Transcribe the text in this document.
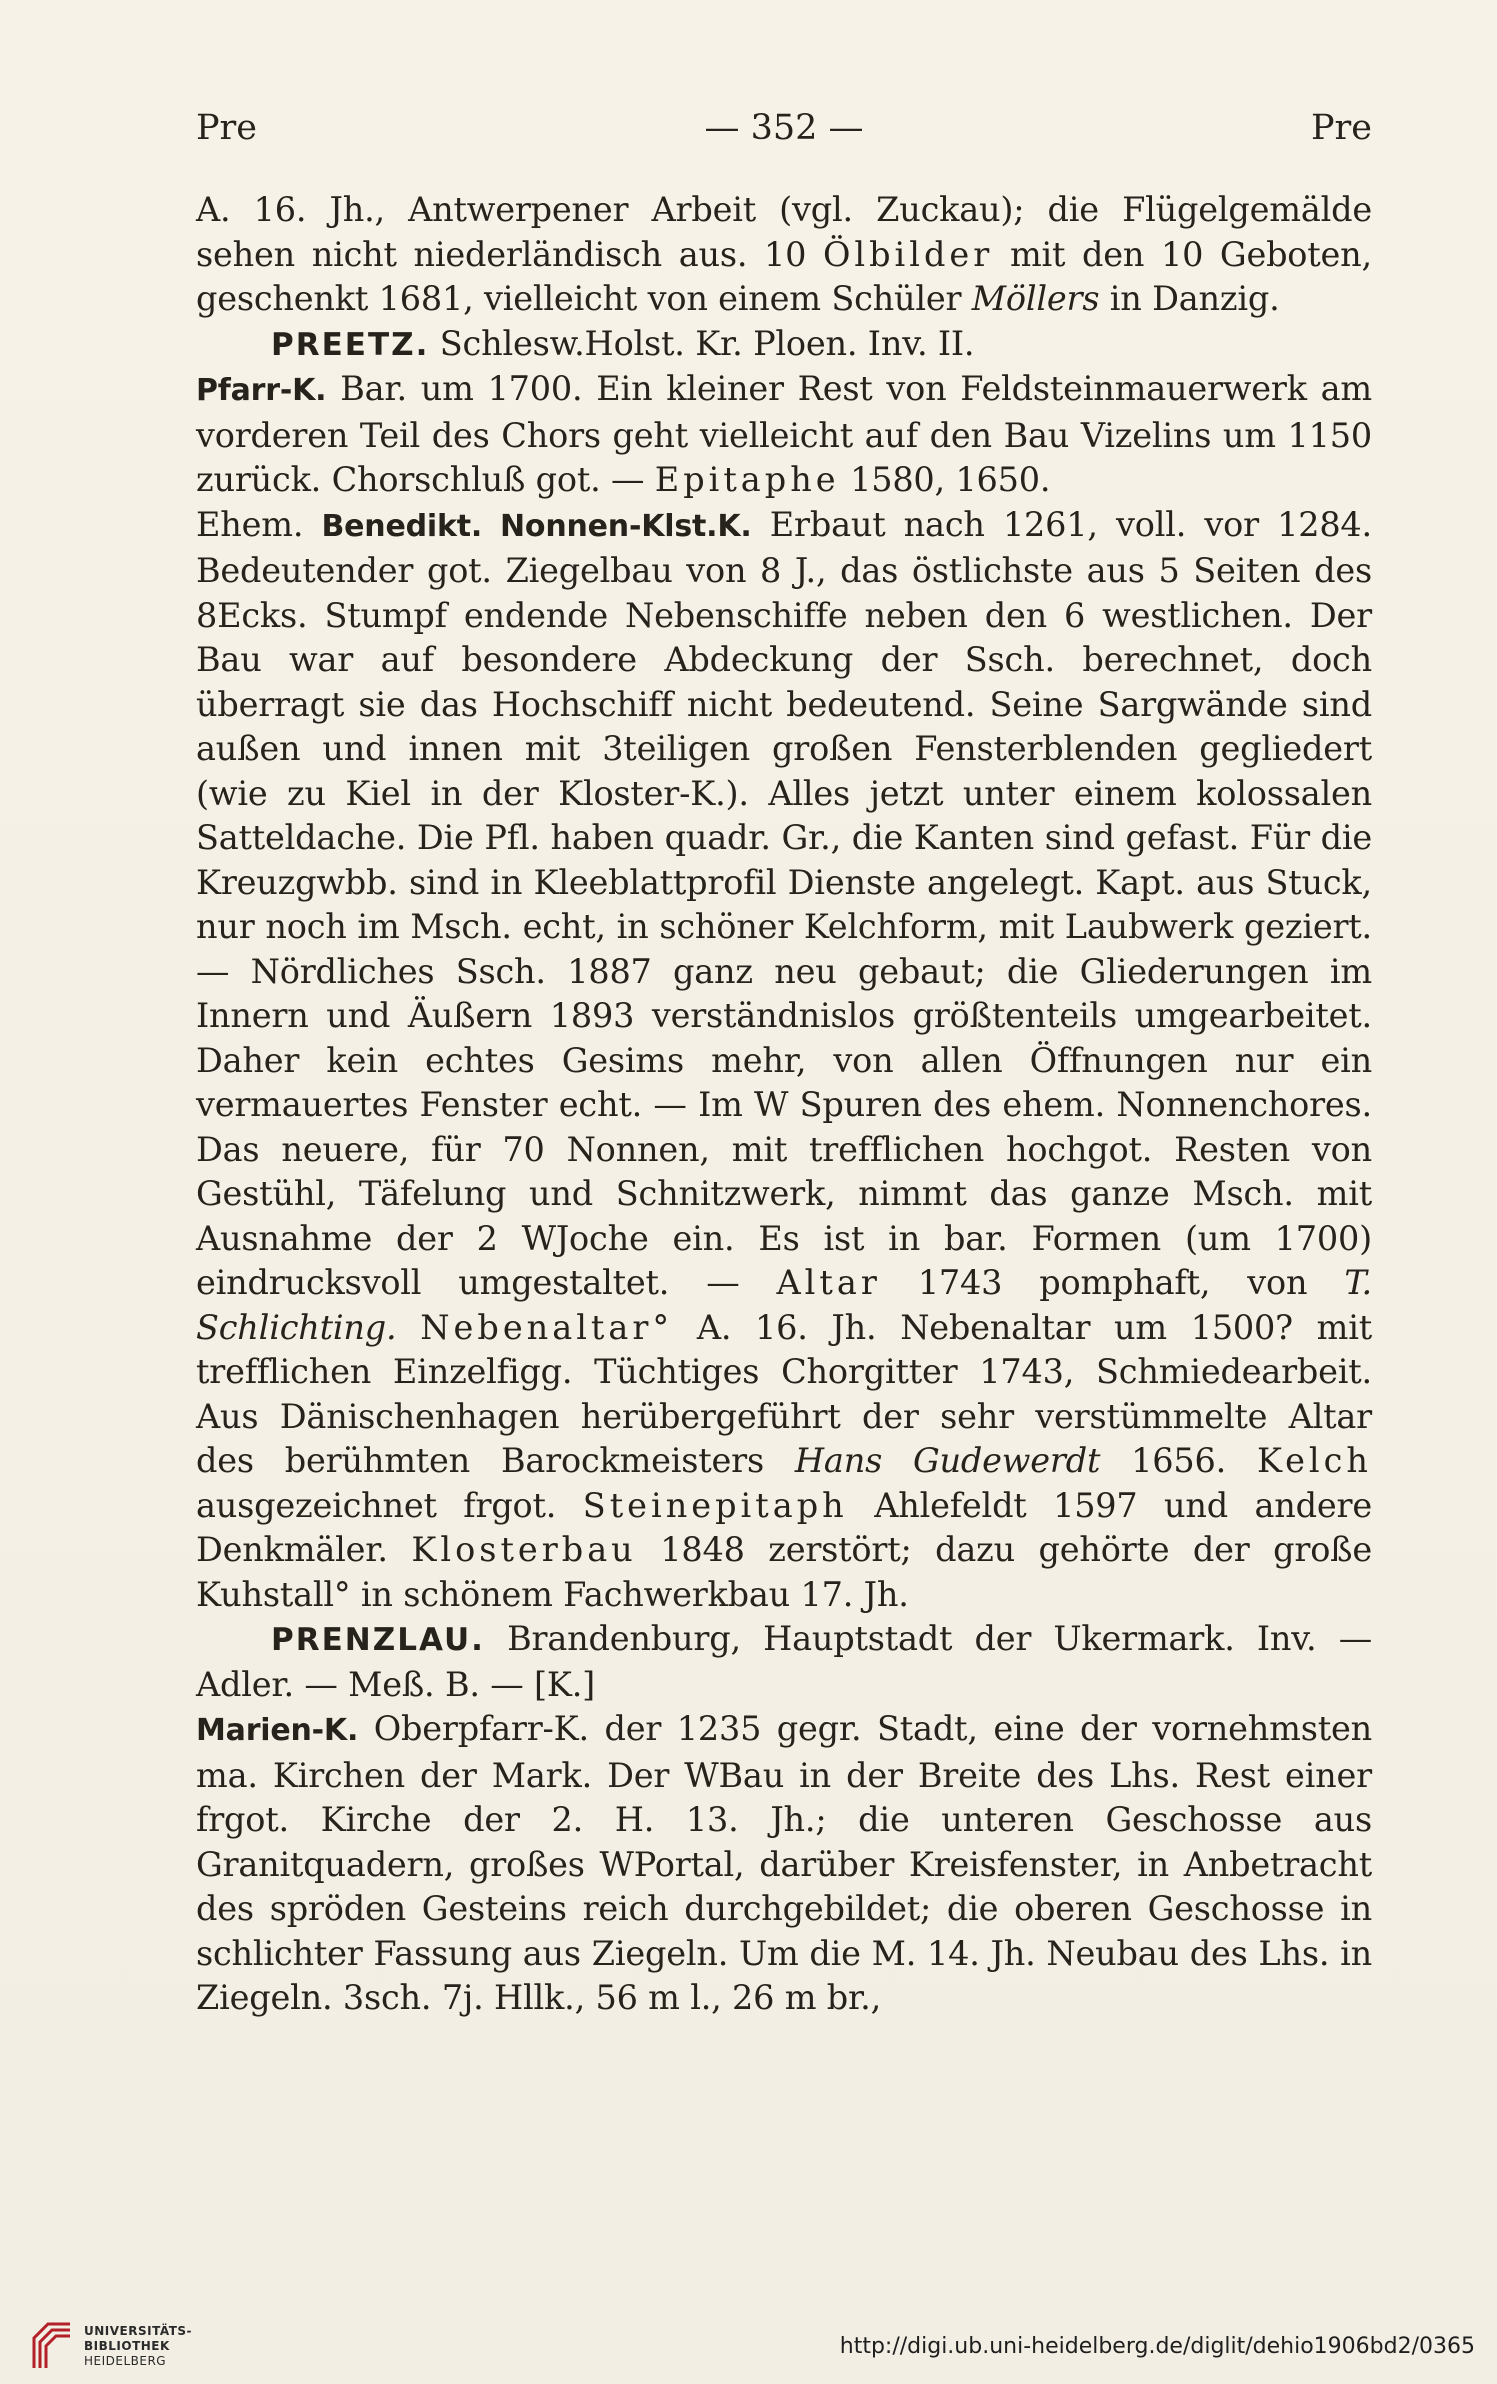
Pre	— 352 —	Pre

A. 16. Jh., Antwerpener Arbeit (vgl. Zuckau); die Flügelgemälde sehen nicht niederländisch aus. 10 Ölbilder mit den 10 Geboten, geschenkt 1681, vielleicht von einem Schüler Möllers in Danzig.

PREETZ. Schlesw.Holst. Kr. Ploen. Inv. II.

Pfarr-K. Bar. um 1700. Ein kleiner Rest von Feldsteinmauerwerk am vorderen Teil des Chors geht vielleicht auf den Bau Vizelins um 1150 zurück. Chorschluß got. — Epitaphe 1580, 1650.

Ehem. Benedikt. Nonnen-Klst.K. Erbaut nach 1261, voll. vor 1284. Bedeutender got. Ziegelbau von 8 J., das östlichste aus 5 Seiten des 8Ecks. Stumpf endende Nebenschiffe neben den 6 westlichen. Der Bau war auf besondere Abdeckung der Ssch. berechnet, doch überragt sie das Hochschiff nicht bedeutend. Seine Sargwände sind außen und innen mit 3teiligen großen Fensterblenden gegliedert (wie zu Kiel in der Kloster-K.). Alles jetzt unter einem kolossalen Satteldache. Die Pfl. haben quadr. Gr., die Kanten sind gefast. Für die Kreuzgwbb. sind in Kleeblattprofil Dienste angelegt. Kapt. aus Stuck, nur noch im Msch. echt, in schöner Kelchform, mit Laubwerk geziert. — Nördliches Ssch. 1887 ganz neu gebaut; die Gliederungen im Innern und Äußern 1893 verständnislos größtenteils umgearbeitet. Daher kein echtes Gesims mehr, von allen Öffnungen nur ein vermauertes Fenster echt. — Im W Spuren des ehem. Nonnenchores. Das neuere, für 70 Nonnen, mit trefflichen hochgot. Resten von Gestühl, Täfelung und Schnitzwerk, nimmt das ganze Msch. mit Ausnahme der 2 WJoche ein. Es ist in bar. Formen (um 1700) eindrucksvoll umgestaltet. — Altar 1743 pomphaft, von T. Schlichting. Nebenaltar° A. 16. Jh. Nebenaltar um 1500? mit trefflichen Einzelfigg. Tüchtiges Chorgitter 1743, Schmiedearbeit. Aus Dänischenhagen herübergeführt der sehr verstümmelte Altar des berühmten Barockmeisters Hans Gudewerdt 1656. Kelch ausgezeichnet frgot. Steinepitaph Ahlefeldt 1597 und andere Denkmäler. Klosterbau 1848 zerstört; dazu gehörte der große Kuhstall° in schönem Fachwerkbau 17. Jh.

PRENZLAU. Brandenburg, Hauptstadt der Ukermark. Inv. — Adler. — Meß. B. — [K.]

Marien-K. Oberpfarr-K. der 1235 gegr. Stadt, eine der vornehmsten ma. Kirchen der Mark. Der WBau in der Breite des Lhs. Rest einer frgot. Kirche der 2. H. 13. Jh.; die unteren Geschosse aus Granitquadern, großes WPortal, darüber Kreisfenster, in Anbetracht des spröden Gesteins reich durchgebildet; die oberen Geschosse in schlichter Fassung aus Ziegeln. Um die M. 14. Jh. Neubau des Lhs. in Ziegeln. 3sch. 7j. Hllk., 56 m l., 26 m br.,

UNIVERSITÄTS-
BIBLIOTHEK
HEIDELBERG
http://digi.ub.uni-heidelberg.de/diglit/dehio1906bd2/0365
